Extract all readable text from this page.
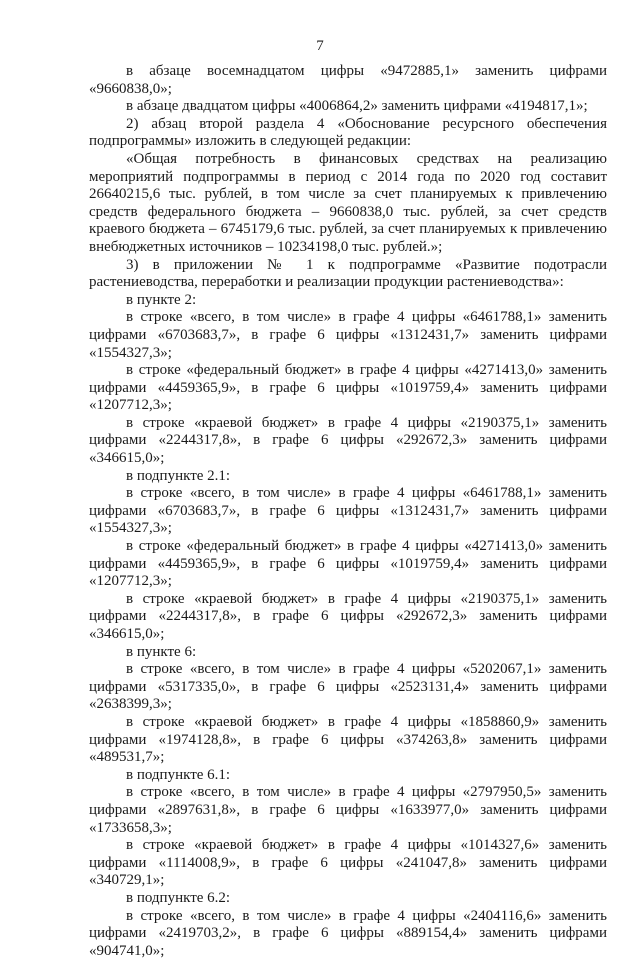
7

в абзаце восемнадцатом цифры «9472885,1» заменить цифрами «9660838,0»;

в абзаце двадцатом цифры «4006864,2» заменить цифрами «4194817,1»;

2) абзац второй раздела 4 «Обоснование ресурсного обеспечения подпрограммы» изложить в следующей редакции:

«Общая потребность в финансовых средствах на реализацию мероприятий подпрограммы в период с 2014 года по 2020 год составит 26640215,6 тыс. рублей, в том числе за счет планируемых к привлечению средств федерального бюджета – 9660838,0 тыс. рублей, за счет средств краевого бюджета – 6745179,6 тыс. рублей, за счет планируемых к привлечению внебюджетных источников – 10234198,0 тыс. рублей.»;

3) в приложении № 1 к подпрограмме «Развитие подотрасли растениеводства, переработки и реализации продукции растениеводства»:

в пункте 2:

в строке «всего, в том числе» в графе 4 цифры «6461788,1» заменить цифрами «6703683,7», в графе 6 цифры «1312431,7» заменить цифрами «1554327,3»;

в строке «федеральный бюджет» в графе 4 цифры «4271413,0» заменить цифрами «4459365,9», в графе 6 цифры «1019759,4» заменить цифрами «1207712,3»;

в строке «краевой бюджет» в графе 4 цифры «2190375,1» заменить цифрами «2244317,8», в графе 6 цифры «292672,3» заменить цифрами «346615,0»;

в подпункте 2.1:

в строке «всего, в том числе» в графе 4 цифры «6461788,1» заменить цифрами «6703683,7», в графе 6 цифры «1312431,7» заменить цифрами «1554327,3»;

в строке «федеральный бюджет» в графе 4 цифры «4271413,0» заменить цифрами «4459365,9», в графе 6 цифры «1019759,4» заменить цифрами «1207712,3»;

в строке «краевой бюджет» в графе 4 цифры «2190375,1» заменить цифрами «2244317,8», в графе 6 цифры «292672,3» заменить цифрами «346615,0»;

в пункте 6:

в строке «всего, в том числе» в графе 4 цифры «5202067,1» заменить цифрами «5317335,0», в графе 6 цифры «2523131,4» заменить цифрами «2638399,3»;

в строке «краевой бюджет» в графе 4 цифры «1858860,9» заменить цифрами «1974128,8», в графе 6 цифры «374263,8» заменить цифрами «489531,7»;

в подпункте 6.1:

в строке «всего, в том числе» в графе 4 цифры «2797950,5» заменить цифрами «2897631,8», в графе 6 цифры «1633977,0» заменить цифрами «1733658,3»;

в строке «краевой бюджет» в графе 4 цифры «1014327,6» заменить цифрами «1114008,9», в графе 6 цифры «241047,8» заменить цифрами «340729,1»;

в подпункте 6.2:

в строке «всего, в том числе» в графе 4 цифры «2404116,6» заменить цифрами «2419703,2», в графе 6 цифры «889154,4» заменить цифрами «904741,0»;
